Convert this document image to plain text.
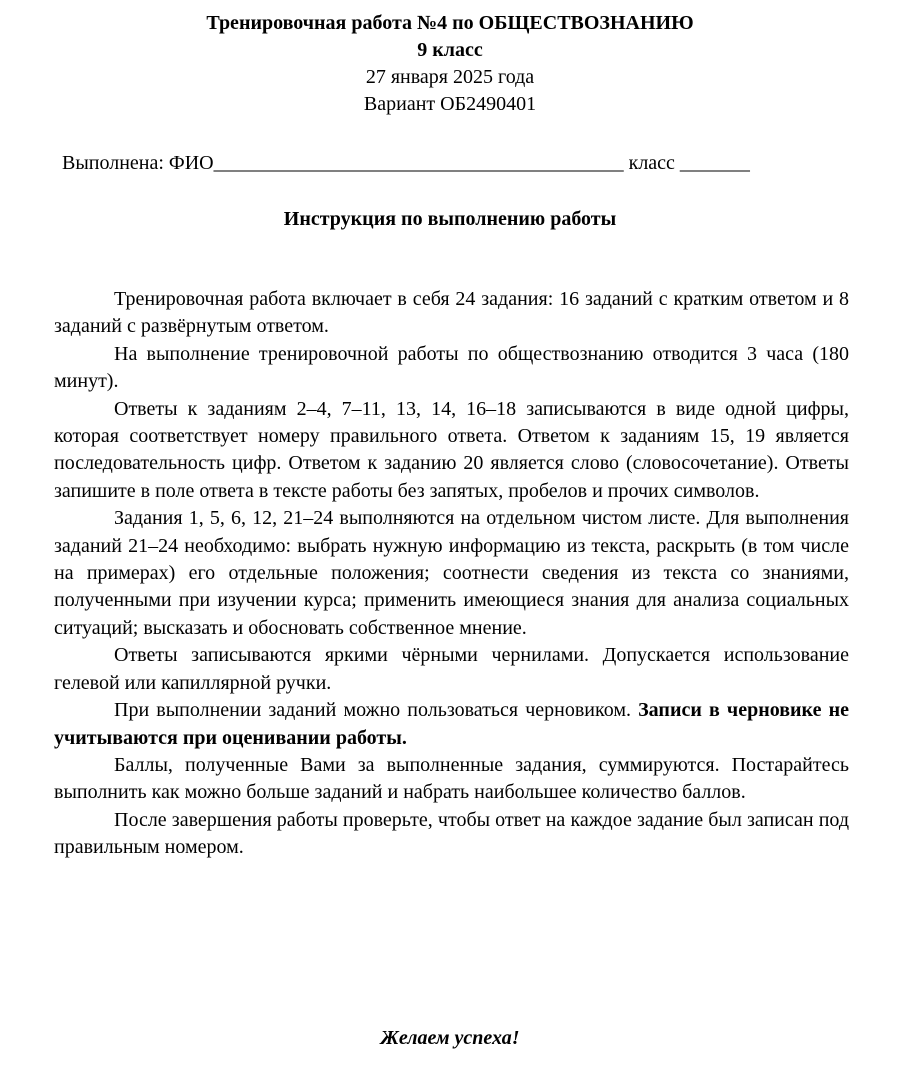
Тренировочная работа №4 по ОБЩЕСТВОЗНАНИЮ
9 класс
27 января 2025 года
Вариант ОБ2490401
Выполнена: ФИО_________________________________________ класс _______
Инструкция по выполнению работы

Тренировочная работа включает в себя 24 задания: 16 заданий с кратким ответом и 8 заданий с развёрнутым ответом.

На выполнение тренировочной работы по обществознанию отводится 3 часа (180 минут).

Ответы к заданиям 2–4, 7–11, 13, 14, 16–18 записываются в виде одной цифры, которая соответствует номеру правильного ответа. Ответом к заданиям 15, 19 является последовательность цифр. Ответом к заданию 20 является слово (словосочетание). Ответы запишите в поле ответа в тексте работы без запятых, пробелов и прочих символов.

Задания 1, 5, 6, 12, 21–24 выполняются на отдельном чистом листе. Для выполнения заданий 21–24 необходимо: выбрать нужную информацию из текста, раскрыть (в том числе на примерах) его отдельные положения; соотнести сведения из текста со знаниями, полученными при изучении курса; применить имеющиеся знания для анализа социальных ситуаций; высказать и обосновать собственное мнение.

Ответы записываются яркими чёрными чернилами. Допускается использование гелевой или капиллярной ручки.

При выполнении заданий можно пользоваться черновиком. Записи в черновике не учитываются при оценивании работы.

Баллы, полученные Вами за выполненные задания, суммируются. Постарайтесь выполнить как можно больше заданий и набрать наибольшее количество баллов.

После завершения работы проверьте, чтобы ответ на каждое задание был записан под правильным номером.

Желаем успеха!
